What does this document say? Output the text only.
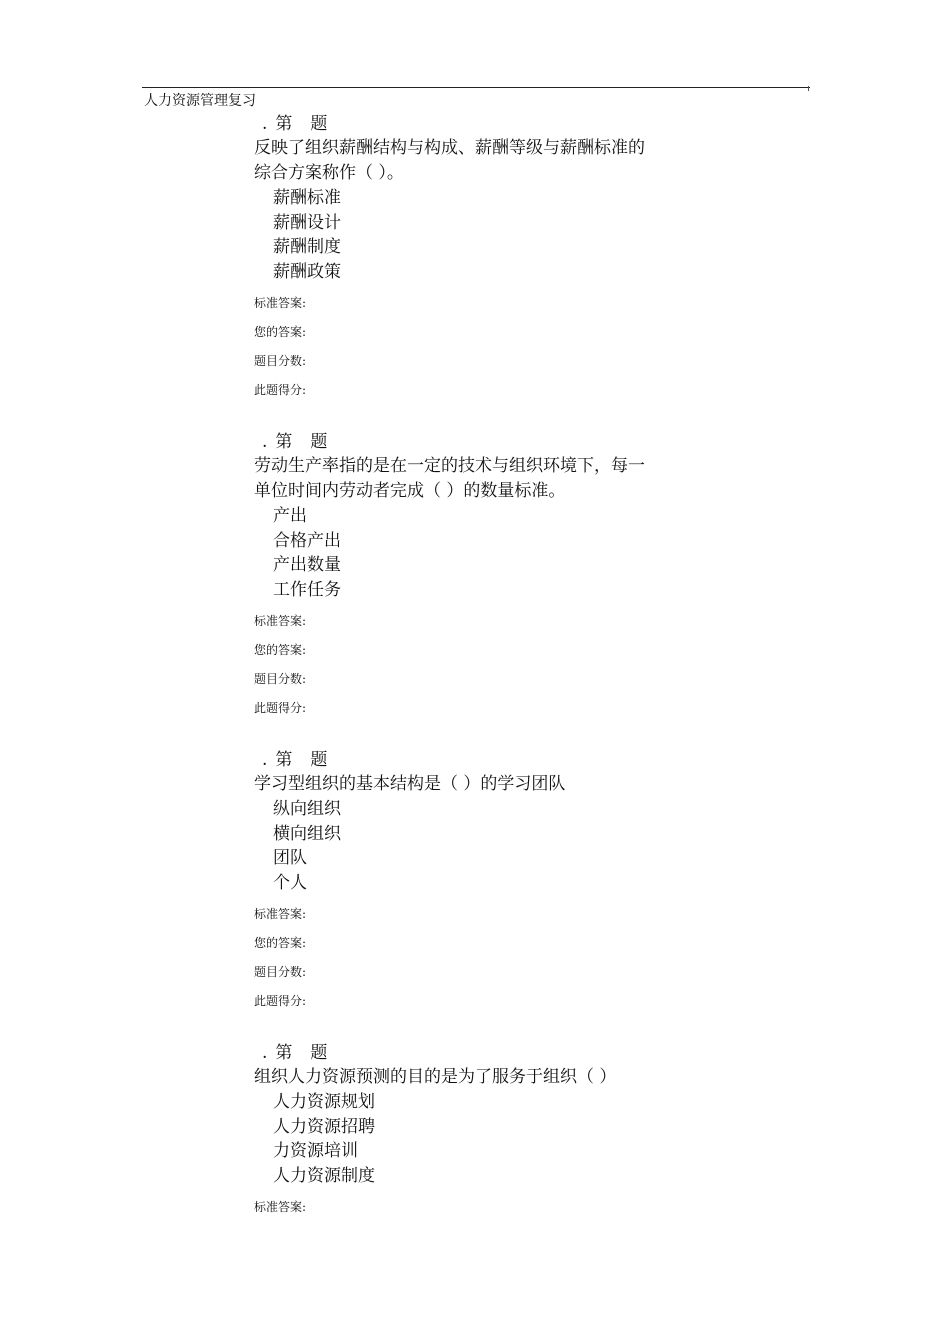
人力资源管理复习
. 第 题
反映了组织薪酬结构与构成、薪酬等级与薪酬标准的
综合方案称作（ ）。
薪酬标准
薪酬设计
薪酬制度
薪酬政策
标准答案:
您的答案:
题目分数:
此题得分:
. 第 题
劳动生产率指的是在一定的技术与组织环境下，每一
单位时间内劳动者完成（ ）的数量标准。
产出
合格产出
产出数量
工作任务
标准答案:
您的答案:
题目分数:
此题得分:
. 第 题
学习型组织的基本结构是（ ）的学习团队
纵向组织
横向组织
团队
个人
标准答案:
您的答案:
题目分数:
此题得分:
. 第 题
组织人力资源预测的目的是为了服务于组织（ ）
人力资源规划
人力资源招聘
力资源培训
人力资源制度
标准答案:
